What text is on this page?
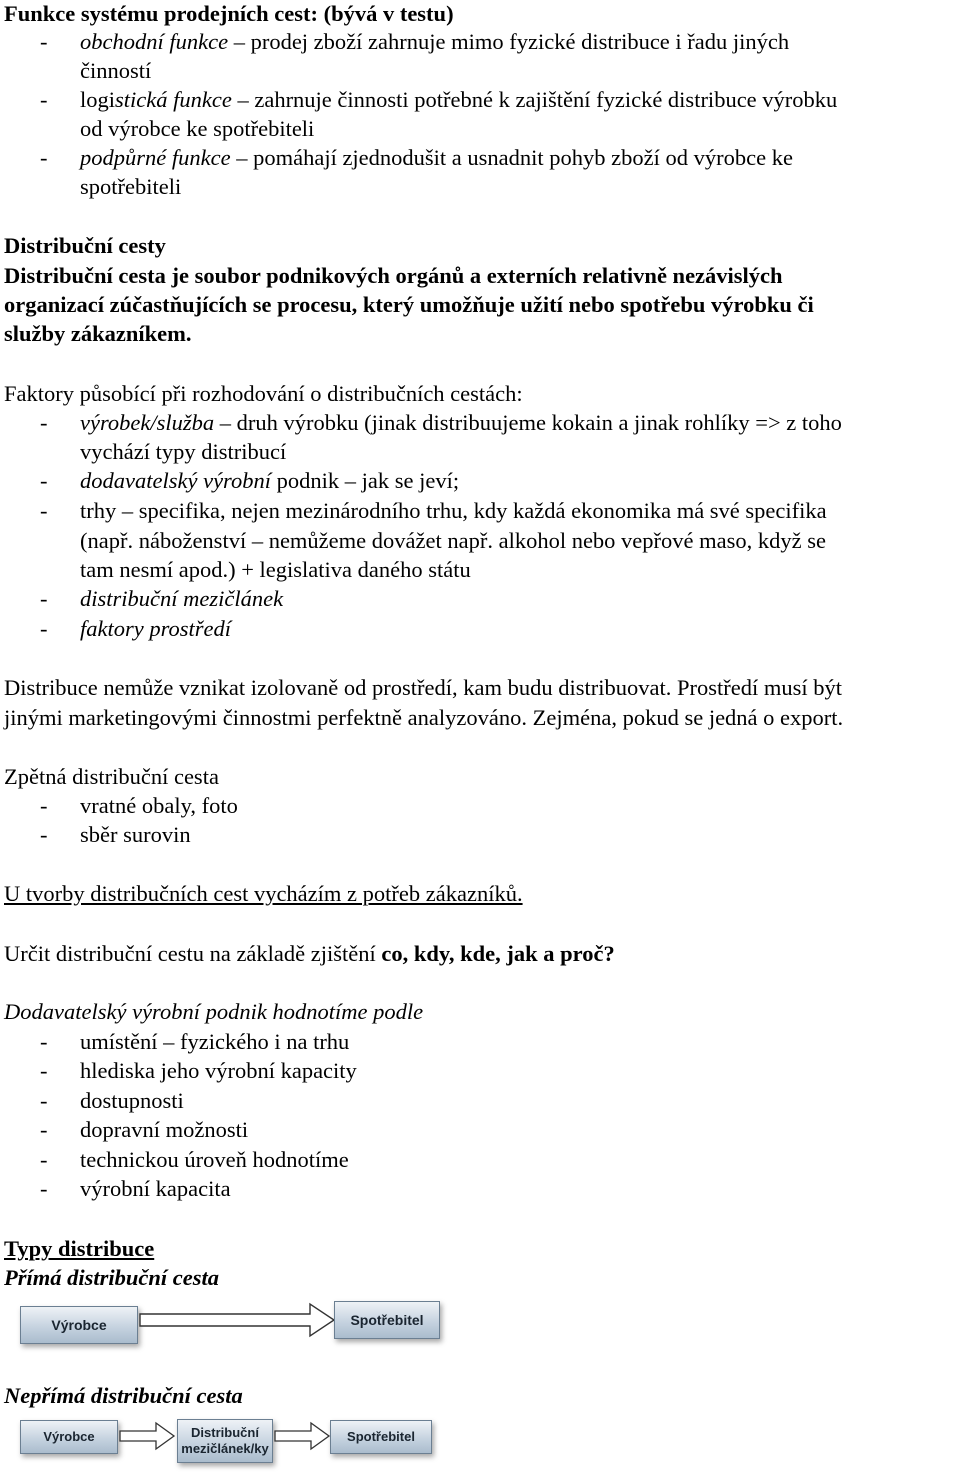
Funkce systému prodejních cest: (bývá v testu)
- obchodní funkce – prodej zboží zahrnuje mimo fyzické distribuce i řadu jiných
činností
- logistická funkce – zahrnuje činnosti potřebné k zajištění fyzické distribuce výrobku
od výrobce ke spotřebiteli
- podpůrné funkce – pomáhají zjednodušit a usnadnit pohyb zboží od výrobce ke
spotřebiteli
Distribuční cesty
Distribuční cesta je soubor podnikových orgánů a externích relativně nezávislých
organizací zúčastňujících se procesu, který umožňuje užití nebo spotřebu výrobku či
služby zákazníkem.
Faktory působící při rozhodování o distribučních cestách:
- výrobek/služba – druh výrobku (jinak distribuujeme kokain a jinak rohlíky => z toho
vychází typy distribucí
- dodavatelský výrobní podnik – jak se jeví;
- trhy – specifika, nejen mezinárodního trhu, kdy každá ekonomika má své specifika
(např. náboženství – nemůžeme dovážet např. alkohol nebo vepřové maso, když se
tam nesmí apod.) + legislativa daného státu
- distribuční mezičlánek
- faktory prostředí
Distribuce nemůže vznikat izolovaně od prostředí, kam budu distribuovat. Prostředí musí být
jinými marketingovými činnostmi perfektně analyzováno. Zejména, pokud se jedná o export.
Zpětná distribuční cesta
- vratné obaly, foto
- sběr surovin
U tvorby distribučních cest vycházím z potřeb zákazníků.
Určit distribuční cestu na základě zjištění co, kdy, kde, jak a proč?
Dodavatelský výrobní podnik hodnotíme podle
- umístění – fyzického i na trhu
- hlediska jeho výrobní kapacity
- dostupnosti
- dopravní možnosti
- technickou úroveň hodnotíme
- výrobní kapacita
Typy distribuce
Přímá distribuční cesta
Výrobce	Spotřebitel
Nepřímá distribuční cesta
Výrobce	Distribuční
mezičlánek/ky
Spotřebitel
